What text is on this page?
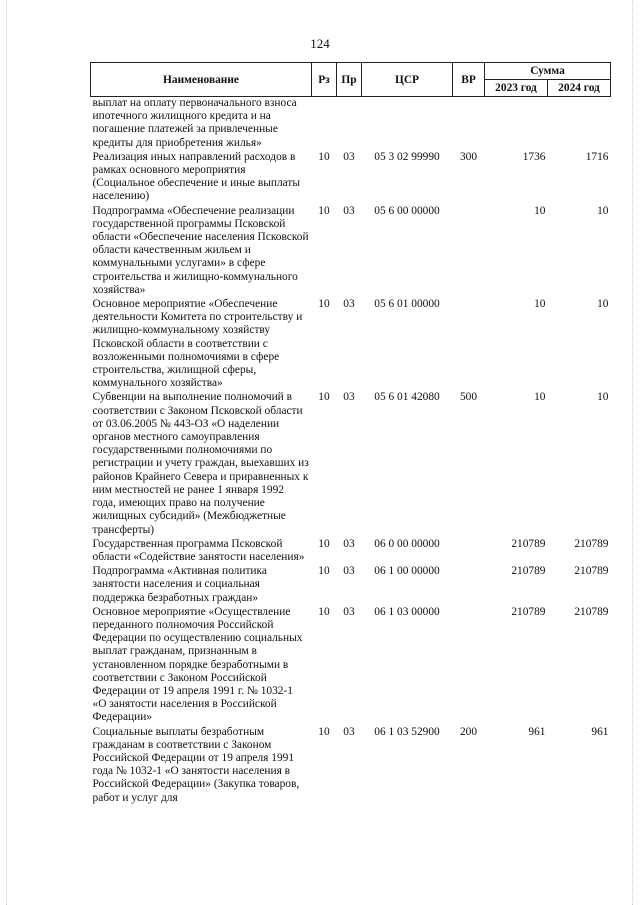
124
Наименование	Рз	Пр	ЦСР	ВР	Сумма	
					2023 год	2024 год
выплат на оплату первоначального взноса ипотечного жилищного кредита и на погашение платежей за привлеченные кредиты для приобретения жилья»						
Реализация иных направлений расходов в рамках основного мероприятия (Социальное обеспечение и иные выплаты населению)	10	03	05 3 02 99990	300	1736	1716
Подпрограмма «Обеспечение реализации государственной программы Псковской области «Обеспечение населения Псковской области качественным жильем и коммунальными услугами» в сфере строительства и жилищно-коммунального хозяйства»	10	03	05 6 00 00000		10	10
Основное мероприятие «Обеспечение деятельности Комитета по строительству и жилищно-коммунальному хозяйству Псковской области в соответствии с возложенными полномочиями в сфере строительства, жилищной сферы, коммунального хозяйства»	10	03	05 6 01 00000		10	10
Субвенции на выполнение полномочий в соответствии с Законом Псковской области от 03.06.2005 № 443-ОЗ «О наделении органов местного самоуправления государственными полномочиями по регистрации и учету граждан, выехавших из районов Крайнего Севера и приравненных к ним местностей не ранее 1 января 1992 года, имеющих право на получение жилищных субсидий» (Межбюджетные трансферты)	10	03	05 6 01 42080	500	10	10
Государственная программа Псковской области «Содействие занятости населения»	10	03	06 0 00 00000		210789	210789
Подпрограмма «Активная политика занятости населения и социальная поддержка безработных граждан»	10	03	06 1 00 00000		210789	210789
Основное мероприятие «Осуществление переданного полномочия Российской Федерации по осуществлению социальных выплат гражданам, признанным в установленном порядке безработными в соответствии с Законом Российской Федерации от 19 апреля 1991 г. № 1032-1 «О занятости населения в Российской Федерации»	10	03	06 1 03 00000		210789	210789
Социальные выплаты безработным гражданам в соответствии с Законом Российской Федерации от 19 апреля 1991 года № 1032-1 «О занятости населения в Российской Федерации» (Закупка товаров, работ и услуг для	10	03	06 1 03 52900	200	961	961
